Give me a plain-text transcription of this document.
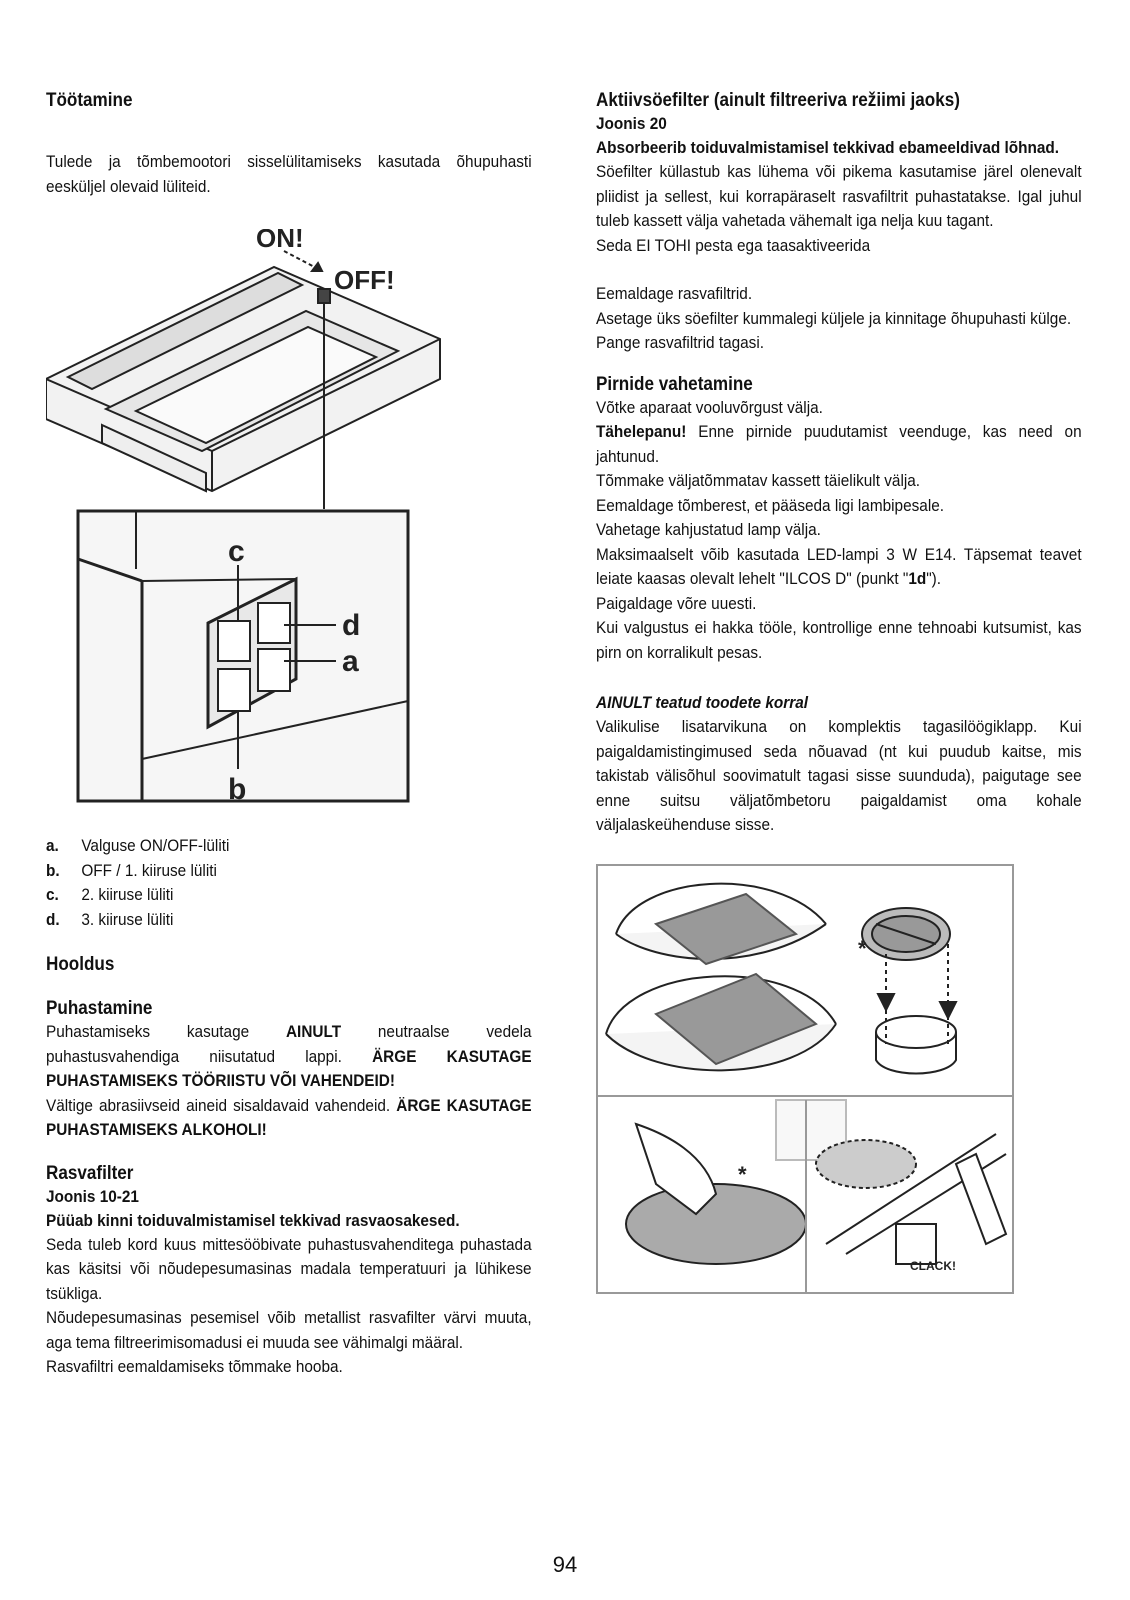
Töötamine

Tulede ja tõmbemootori sisselülitamiseks kasutada õhupuhasti eesküljel olevaid lüliteid.

ON!
OFF!
c
d
a
b
a.	Valguse ON/OFF-lüliti
b.	OFF / 1. kiiruse lüliti
c.	2. kiiruse lüliti
d.	3. kiiruse lüliti
Hooldus
Puhastamine

Puhastamiseks kasutage AINULT neutraalse vedela puhastusvahendiga niisutatud lappi. ÄRGE KASUTAGE PUHASTAMISEKS TÖÖRIISTU VÕI VAHENDEID!

Vältige abrasiivseid aineid sisaldavaid vahendeid. ÄRGE KASUTAGE PUHASTAMISEKS ALKOHOLI!

Rasvafilter

Joonis 10-21

Püüab kinni toiduvalmistamisel tekkivad rasvaosakesed.

Seda tuleb kord kuus mittesööbivate puhastusvahenditega puhastada kas käsitsi või nõudepesumasinas madala temperatuuri ja lühikese tsükliga.

Nõudepesumasinas pesemisel võib metallist rasvafilter värvi muuta, aga tema filtreerimisomadusi ei muuda see vähimalgi määral.

Rasvafiltri eemaldamiseks tõmmake hooba.

Aktiivsöefilter (ainult filtreeriva režiimi jaoks)

Joonis 20

Absorbeerib toiduvalmistamisel tekkivad ebameeldivad lõhnad.

Söefilter küllastub kas lühema või pikema kasutamise järel olenevalt pliidist ja sellest, kui korrapäraselt rasvafiltrit puhastatakse. Igal juhul tuleb kassett välja vahetada vähemalt iga nelja kuu tagant.

Seda EI TOHI pesta ega taasaktiveerida

Eemaldage rasvafiltrid.

Asetage üks söefilter kummalegi küljele ja kinnitage õhupuhasti külge.

Pange rasvafiltrid tagasi.

Pirnide vahetamine

Võtke aparaat vooluvõrgust välja.

Tähelepanu! Enne pirnide puudutamist veenduge, kas need on jahtunud.

Tõmmake väljatõmmatav kassett täielikult välja.

Eemaldage tõmberest, et pääseda ligi lambipesale.

Vahetage kahjustatud lamp välja.

Maksimaalselt võib kasutada LED-lampi 3 W E14. Täpsemat teavet leiate kaasas olevalt lehelt "ILCOS D" (punkt "1d").

Paigaldage võre uuesti.

Kui valgustus ei hakka tööle, kontrollige enne tehnoabi kutsumist, kas pirn on korralikult pesas.

AINULT teatud toodete korral

Valikulise lisatarvikuna on komplektis tagasilöögiklapp. Kui paigaldamistingimused seda nõuavad (nt kui puudub kaitse, mis takistab välisõhul soovimatult tagasi sisse suunduda), paigutage see enne suitsu väljatõmbetoru paigaldamist oma kohale väljalaskeühenduse sisse.

*
*
CLACK!
94
